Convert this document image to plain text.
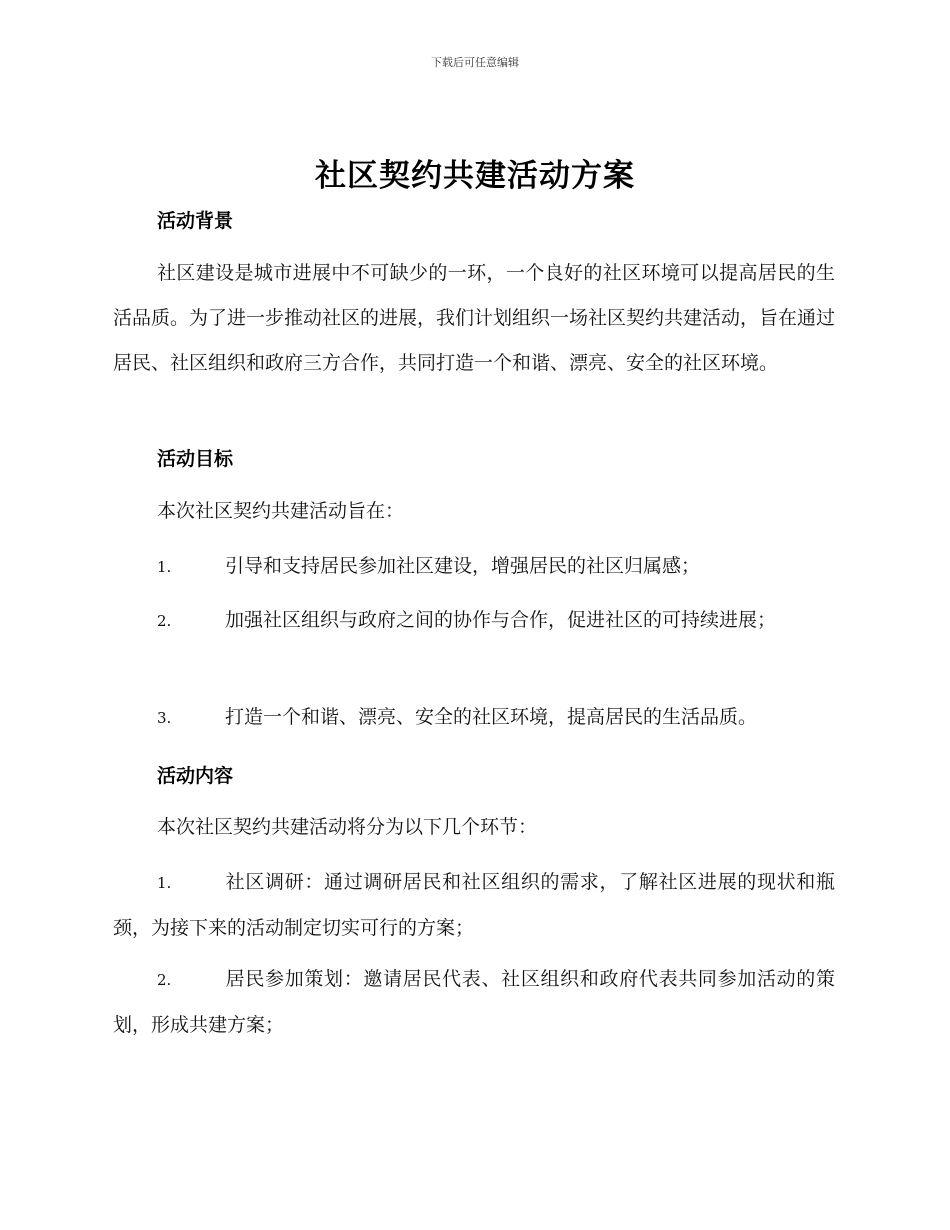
下载后可任意编辑
社区契约共建活动方案
活动背景

社区建设是城市进展中不可缺少的一环，一个良好的社区环境可以提高居民的生活品质。为了进一步推动社区的进展，我们计划组织一场社区契约共建活动，旨在通过居民、社区组织和政府三方合作，共同打造一个和谐、漂亮、安全的社区环境。

活动目标

本次社区契约共建活动旨在：

1.	引导和支持居民参加社区建设，增强居民的社区归属感；

2.	加强社区组织与政府之间的协作与合作，促进社区的可持续进展；

3.	打造一个和谐、漂亮、安全的社区环境，提高居民的生活品质。

活动内容

本次社区契约共建活动将分为以下几个环节：

1.	社区调研：通过调研居民和社区组织的需求，了解社区进展的现状和瓶颈，为接下来的活动制定切实可行的方案；

2.	居民参加策划：邀请居民代表、社区组织和政府代表共同参加活动的策划，形成共建方案；
